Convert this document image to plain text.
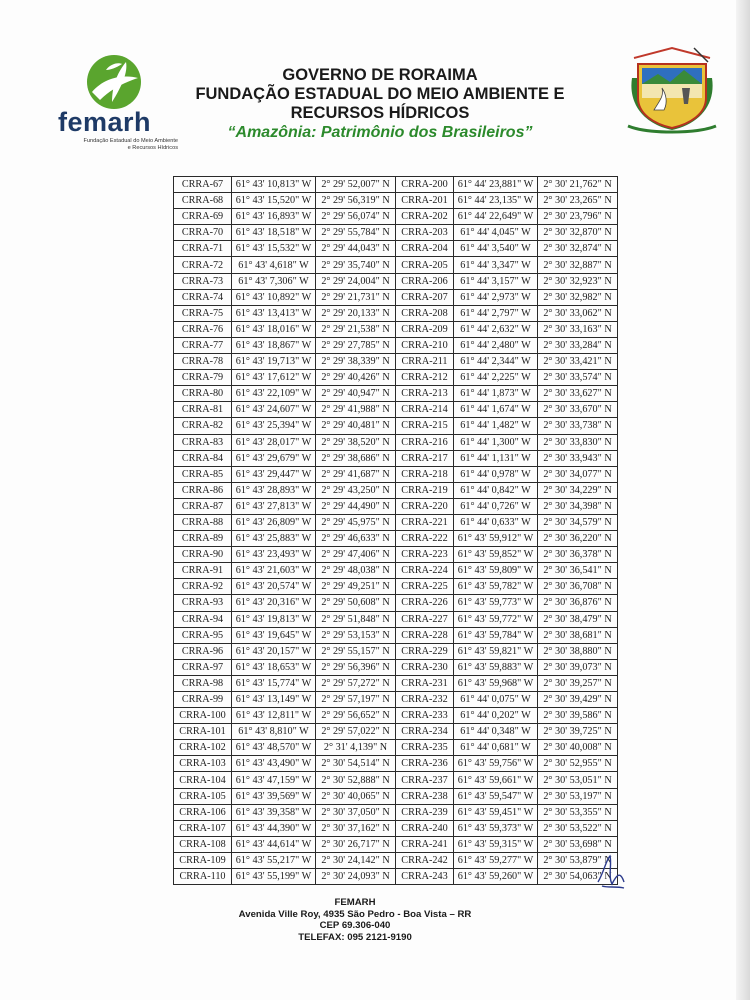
femarh
Fundação Estadual do Meio Ambiente
e Recursos Hídricos
GOVERNO DE RORAIMA
FUNDAÇÃO ESTADUAL DO MEIO AMBIENTE E
RECURSOS HÍDRICOS
“Amazônia: Patrimônio dos Brasileiros”
CRRA-67	61° 43' 10,813" W	2° 29' 52,007" N	CRRA-200	61° 44' 23,881" W	2° 30' 21,762" N
CRRA-68	61° 43' 15,520" W	2° 29' 56,319" N	CRRA-201	61° 44' 23,135" W	2° 30' 23,265" N
CRRA-69	61° 43' 16,893" W	2° 29' 56,074" N	CRRA-202	61° 44' 22,649" W	2° 30' 23,796" N
CRRA-70	61° 43' 18,518" W	2° 29' 55,784" N	CRRA-203	61° 44' 4,045" W	2° 30' 32,870" N
CRRA-71	61° 43' 15,532" W	2° 29' 44,043" N	CRRA-204	61° 44' 3,540" W	2° 30' 32,874" N
CRRA-72	61° 43' 4,618" W	2° 29' 35,740" N	CRRA-205	61° 44' 3,347" W	2° 30' 32,887" N
CRRA-73	61° 43' 7,306" W	2° 29' 24,004" N	CRRA-206	61° 44' 3,157" W	2° 30' 32,923" N
CRRA-74	61° 43' 10,892" W	2° 29' 21,731" N	CRRA-207	61° 44' 2,973" W	2° 30' 32,982" N
CRRA-75	61° 43' 13,413" W	2° 29' 20,133" N	CRRA-208	61° 44' 2,797" W	2° 30' 33,062" N
CRRA-76	61° 43' 18,016" W	2° 29' 21,538" N	CRRA-209	61° 44' 2,632" W	2° 30' 33,163" N
CRRA-77	61° 43' 18,867" W	2° 29' 27,785" N	CRRA-210	61° 44' 2,480" W	2° 30' 33,284" N
CRRA-78	61° 43' 19,713" W	2° 29' 38,339" N	CRRA-211	61° 44' 2,344" W	2° 30' 33,421" N
CRRA-79	61° 43' 17,612" W	2° 29' 40,426" N	CRRA-212	61° 44' 2,225" W	2° 30' 33,574" N
CRRA-80	61° 43' 22,109" W	2° 29' 40,947" N	CRRA-213	61° 44' 1,873" W	2° 30' 33,627" N
CRRA-81	61° 43' 24,607" W	2° 29' 41,988" N	CRRA-214	61° 44' 1,674" W	2° 30' 33,670" N
CRRA-82	61° 43' 25,394" W	2° 29' 40,481" N	CRRA-215	61° 44' 1,482" W	2° 30' 33,738" N
CRRA-83	61° 43' 28,017" W	2° 29' 38,520" N	CRRA-216	61° 44' 1,300" W	2° 30' 33,830" N
CRRA-84	61° 43' 29,679" W	2° 29' 38,686" N	CRRA-217	61° 44' 1,131" W	2° 30' 33,943" N
CRRA-85	61° 43' 29,447" W	2° 29' 41,687" N	CRRA-218	61° 44' 0,978" W	2° 30' 34,077" N
CRRA-86	61° 43' 28,893" W	2° 29' 43,250" N	CRRA-219	61° 44' 0,842" W	2° 30' 34,229" N
CRRA-87	61° 43' 27,813" W	2° 29' 44,490" N	CRRA-220	61° 44' 0,726" W	2° 30' 34,398" N
CRRA-88	61° 43' 26,809" W	2° 29' 45,975" N	CRRA-221	61° 44' 0,633" W	2° 30' 34,579" N
CRRA-89	61° 43' 25,883" W	2° 29' 46,633" N	CRRA-222	61° 43' 59,912" W	2° 30' 36,220" N
CRRA-90	61° 43' 23,493" W	2° 29' 47,406" N	CRRA-223	61° 43' 59,852" W	2° 30' 36,378" N
CRRA-91	61° 43' 21,603" W	2° 29' 48,038" N	CRRA-224	61° 43' 59,809" W	2° 30' 36,541" N
CRRA-92	61° 43' 20,574" W	2° 29' 49,251" N	CRRA-225	61° 43' 59,782" W	2° 30' 36,708" N
CRRA-93	61° 43' 20,316" W	2° 29' 50,608" N	CRRA-226	61° 43' 59,773" W	2° 30' 36,876" N
CRRA-94	61° 43' 19,813" W	2° 29' 51,848" N	CRRA-227	61° 43' 59,772" W	2° 30' 38,479" N
CRRA-95	61° 43' 19,645" W	2° 29' 53,153" N	CRRA-228	61° 43' 59,784" W	2° 30' 38,681" N
CRRA-96	61° 43' 20,157" W	2° 29' 55,157" N	CRRA-229	61° 43' 59,821" W	2° 30' 38,880" N
CRRA-97	61° 43' 18,653" W	2° 29' 56,396" N	CRRA-230	61° 43' 59,883" W	2° 30' 39,073" N
CRRA-98	61° 43' 15,774" W	2° 29' 57,272" N	CRRA-231	61° 43' 59,968" W	2° 30' 39,257" N
CRRA-99	61° 43' 13,149" W	2° 29' 57,197" N	CRRA-232	61° 44' 0,075" W	2° 30' 39,429" N
CRRA-100	61° 43' 12,811" W	2° 29' 56,652" N	CRRA-233	61° 44' 0,202" W	2° 30' 39,586" N
CRRA-101	61° 43' 8,810" W	2° 29' 57,022" N	CRRA-234	61° 44' 0,348" W	2° 30' 39,725" N
CRRA-102	61° 43' 48,570" W	2° 31' 4,139" N	CRRA-235	61° 44' 0,681" W	2° 30' 40,008" N
CRRA-103	61° 43' 43,490" W	2° 30' 54,514" N	CRRA-236	61° 43' 59,756" W	2° 30' 52,955" N
CRRA-104	61° 43' 47,159" W	2° 30' 52,888" N	CRRA-237	61° 43' 59,661" W	2° 30' 53,051" N
CRRA-105	61° 43' 39,569" W	2° 30' 40,065" N	CRRA-238	61° 43' 59,547" W	2° 30' 53,197" N
CRRA-106	61° 43' 39,358" W	2° 30' 37,050" N	CRRA-239	61° 43' 59,451" W	2° 30' 53,355" N
CRRA-107	61° 43' 44,390" W	2° 30' 37,162" N	CRRA-240	61° 43' 59,373" W	2° 30' 53,522" N
CRRA-108	61° 43' 44,614" W	2° 30' 26,717" N	CRRA-241	61° 43' 59,315" W	2° 30' 53,698" N
CRRA-109	61° 43' 55,217" W	2° 30' 24,142" N	CRRA-242	61° 43' 59,277" W	2° 30' 53,879" N
CRRA-110	61° 43' 55,199" W	2° 30' 24,093" N	CRRA-243	61° 43' 59,260" W	2° 30' 54,063" N
FEMARH
Avenida Ville Roy, 4935 São Pedro - Boa Vista – RR
CEP 69.306-040
TELEFAX: 095 2121-9190
